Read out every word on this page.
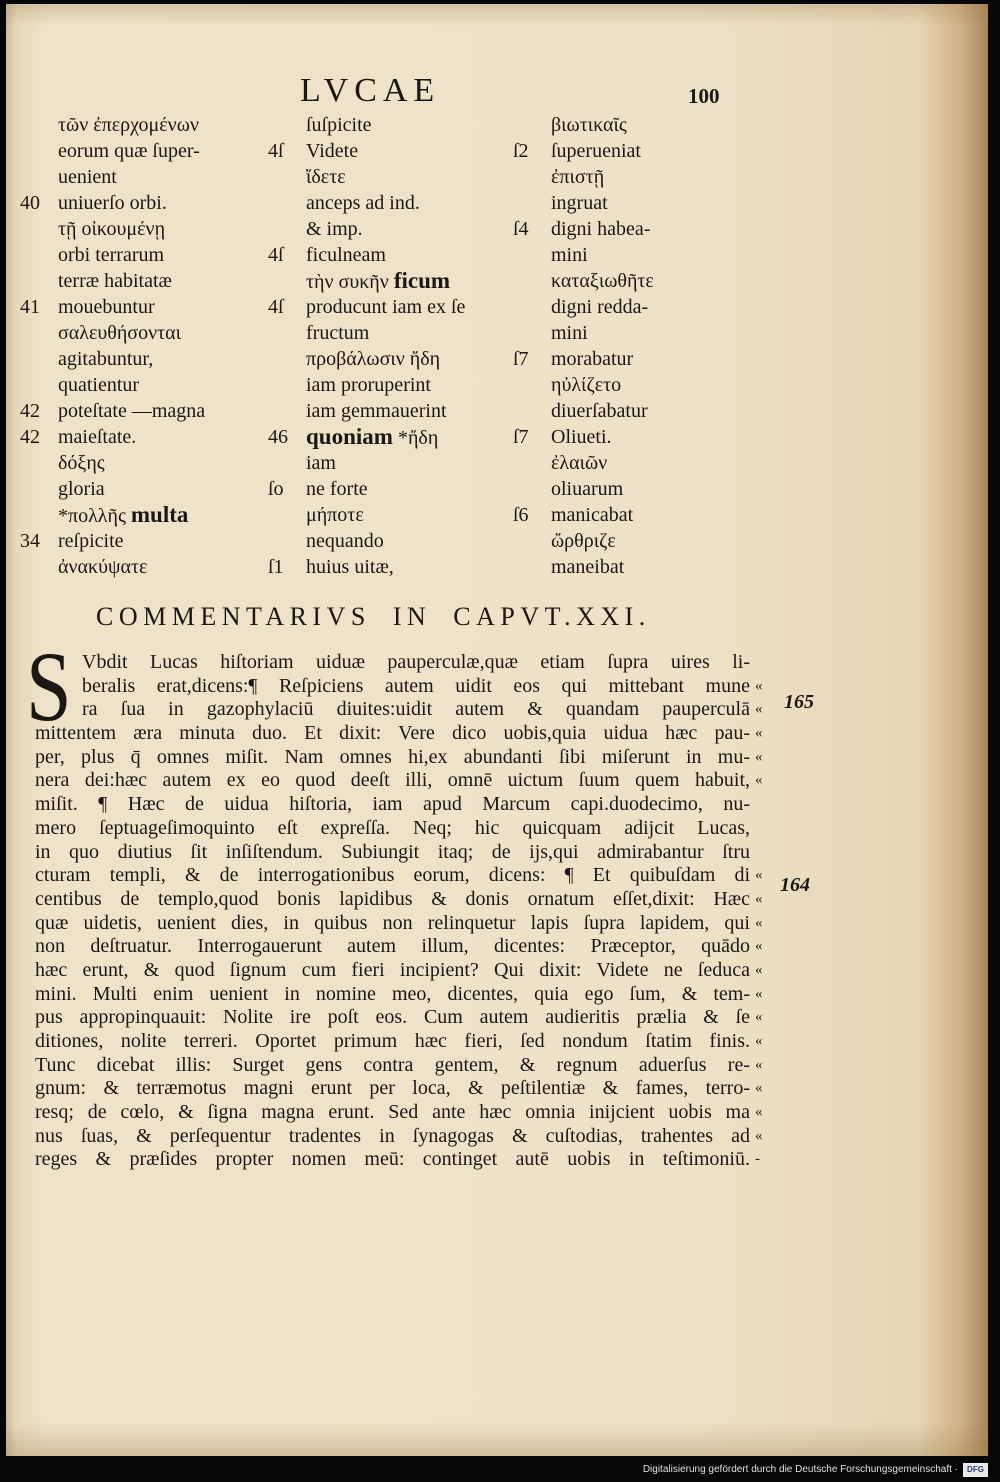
LVCAE	100
τῶν ἐπερχομένων
eorum quæ ſuper-
uenient
40 uniuerſo orbi.
τῇ οἰκουμένῃ
orbi terrarum
terræ habitatæ
41 mouebuntur
σαλευθήσονται
agitabuntur,
quatientur
42 poteſtate —magna
42 maieſtate.
δόξης
gloria
*πολλῆς multa
34 reſpicite
ἀνακύψατε
ſuſpicite
4ſ Videte
ἴδετε
anceps ad ind.
& imp.
4ſ ficulneam
τὴν συκῆν ficum
4ſ producunt iam ex ſe
fructum
προβάλωσιν ἤδη
iam proruperint
iam gemmauerint
46 quoniam *ἤδη
iam
ſo ne forte
μήποτε
nequando
ſ1 huius uitæ,
βιωτικαῖς
ſ2 ſuperueniat
ἐπιστῇ
ingruat
ſ4 digni habea-
mini
καταξιωθῆτε
digni redda-
mini
ſ7 morabatur
ηὐλίζετο
diuerſabatur
ſ7 Oliueti.
ἐλαιῶν
oliuarum
ſ6 manicabat
ὤρθριζε
maneibat
COMMENTARIVS IN CAPVT.XXI.
S Vbdit Lucas hiſtoriam uiduæ pauperculæ,quæ etiam ſupra uires li-
beralis erat,dicens:¶ Reſpiciens autem uidit eos qui mittebant mune
ra ſua in gazophylaciū diuites:uidit autem & quandam pauperculā
mittentem æra minuta duo. Et dixit: Vere dico uobis,quia uidua hæc pau-
per, plus q̄ omnes miſit. Nam omnes hi,ex abundanti ſibi miſerunt in mu-
nera dei:hæc autem ex eo quod deeſt illi, omnē uictum ſuum quem habuit,
miſit. ¶ Hæc de uidua hiſtoria, iam apud Marcum capi.duodecimo, nu-
mero ſeptuageſimoquinto eſt expreſſa. Neq; hic quicquam adijcit Lucas,
in quo diutius ſit inſiſtendum. Subiungit itaq; de ijs,qui admirabantur ſtru
cturam templi, & de interrogationibus eorum, dicens: ¶ Et quibuſdam di
centibus de templo,quod bonis lapidibus & donis ornatum eſſet,dixit: Hæc
quæ uidetis, uenient dies, in quibus non relinquetur lapis ſupra lapidem, qui
non deſtruatur. Interrogauerunt autem illum, dicentes: Præceptor, quādo
hæc erunt, & quod ſignum cum fieri incipient? Qui dixit: Videte ne ſeduca
mini. Multi enim uenient in nomine meo, dicentes, quia ego ſum, & tem-
pus appropinquauit: Nolite ire poſt eos. Cum autem audieritis prælia & ſe
ditiones, nolite terreri. Oportet primum hæc fieri, ſed nondum ſtatim finis.
Tunc dicebat illis: Surget gens contra gentem, & regnum aduerſus re-
gnum: & terræmotus magni erunt per loca, & peſtilentiæ & fames, terro-
resq; de cœlo, & ſigna magna erunt. Sed ante hæc omnia inijcient uobis ma
nus ſuas, & perſequentur tradentes in ſynagogas & cuſtodias, trahentes ad
reges & præſides propter nomen meū: continget autē uobis in teſtimoniū.
«
«
«
«
«
«
«
«
«
«
«
«
«
«
«
«
«
-
165
164
Digitalisierung gefördert durch die Deutsche Forschungsgemeinschaft ·	DFG
